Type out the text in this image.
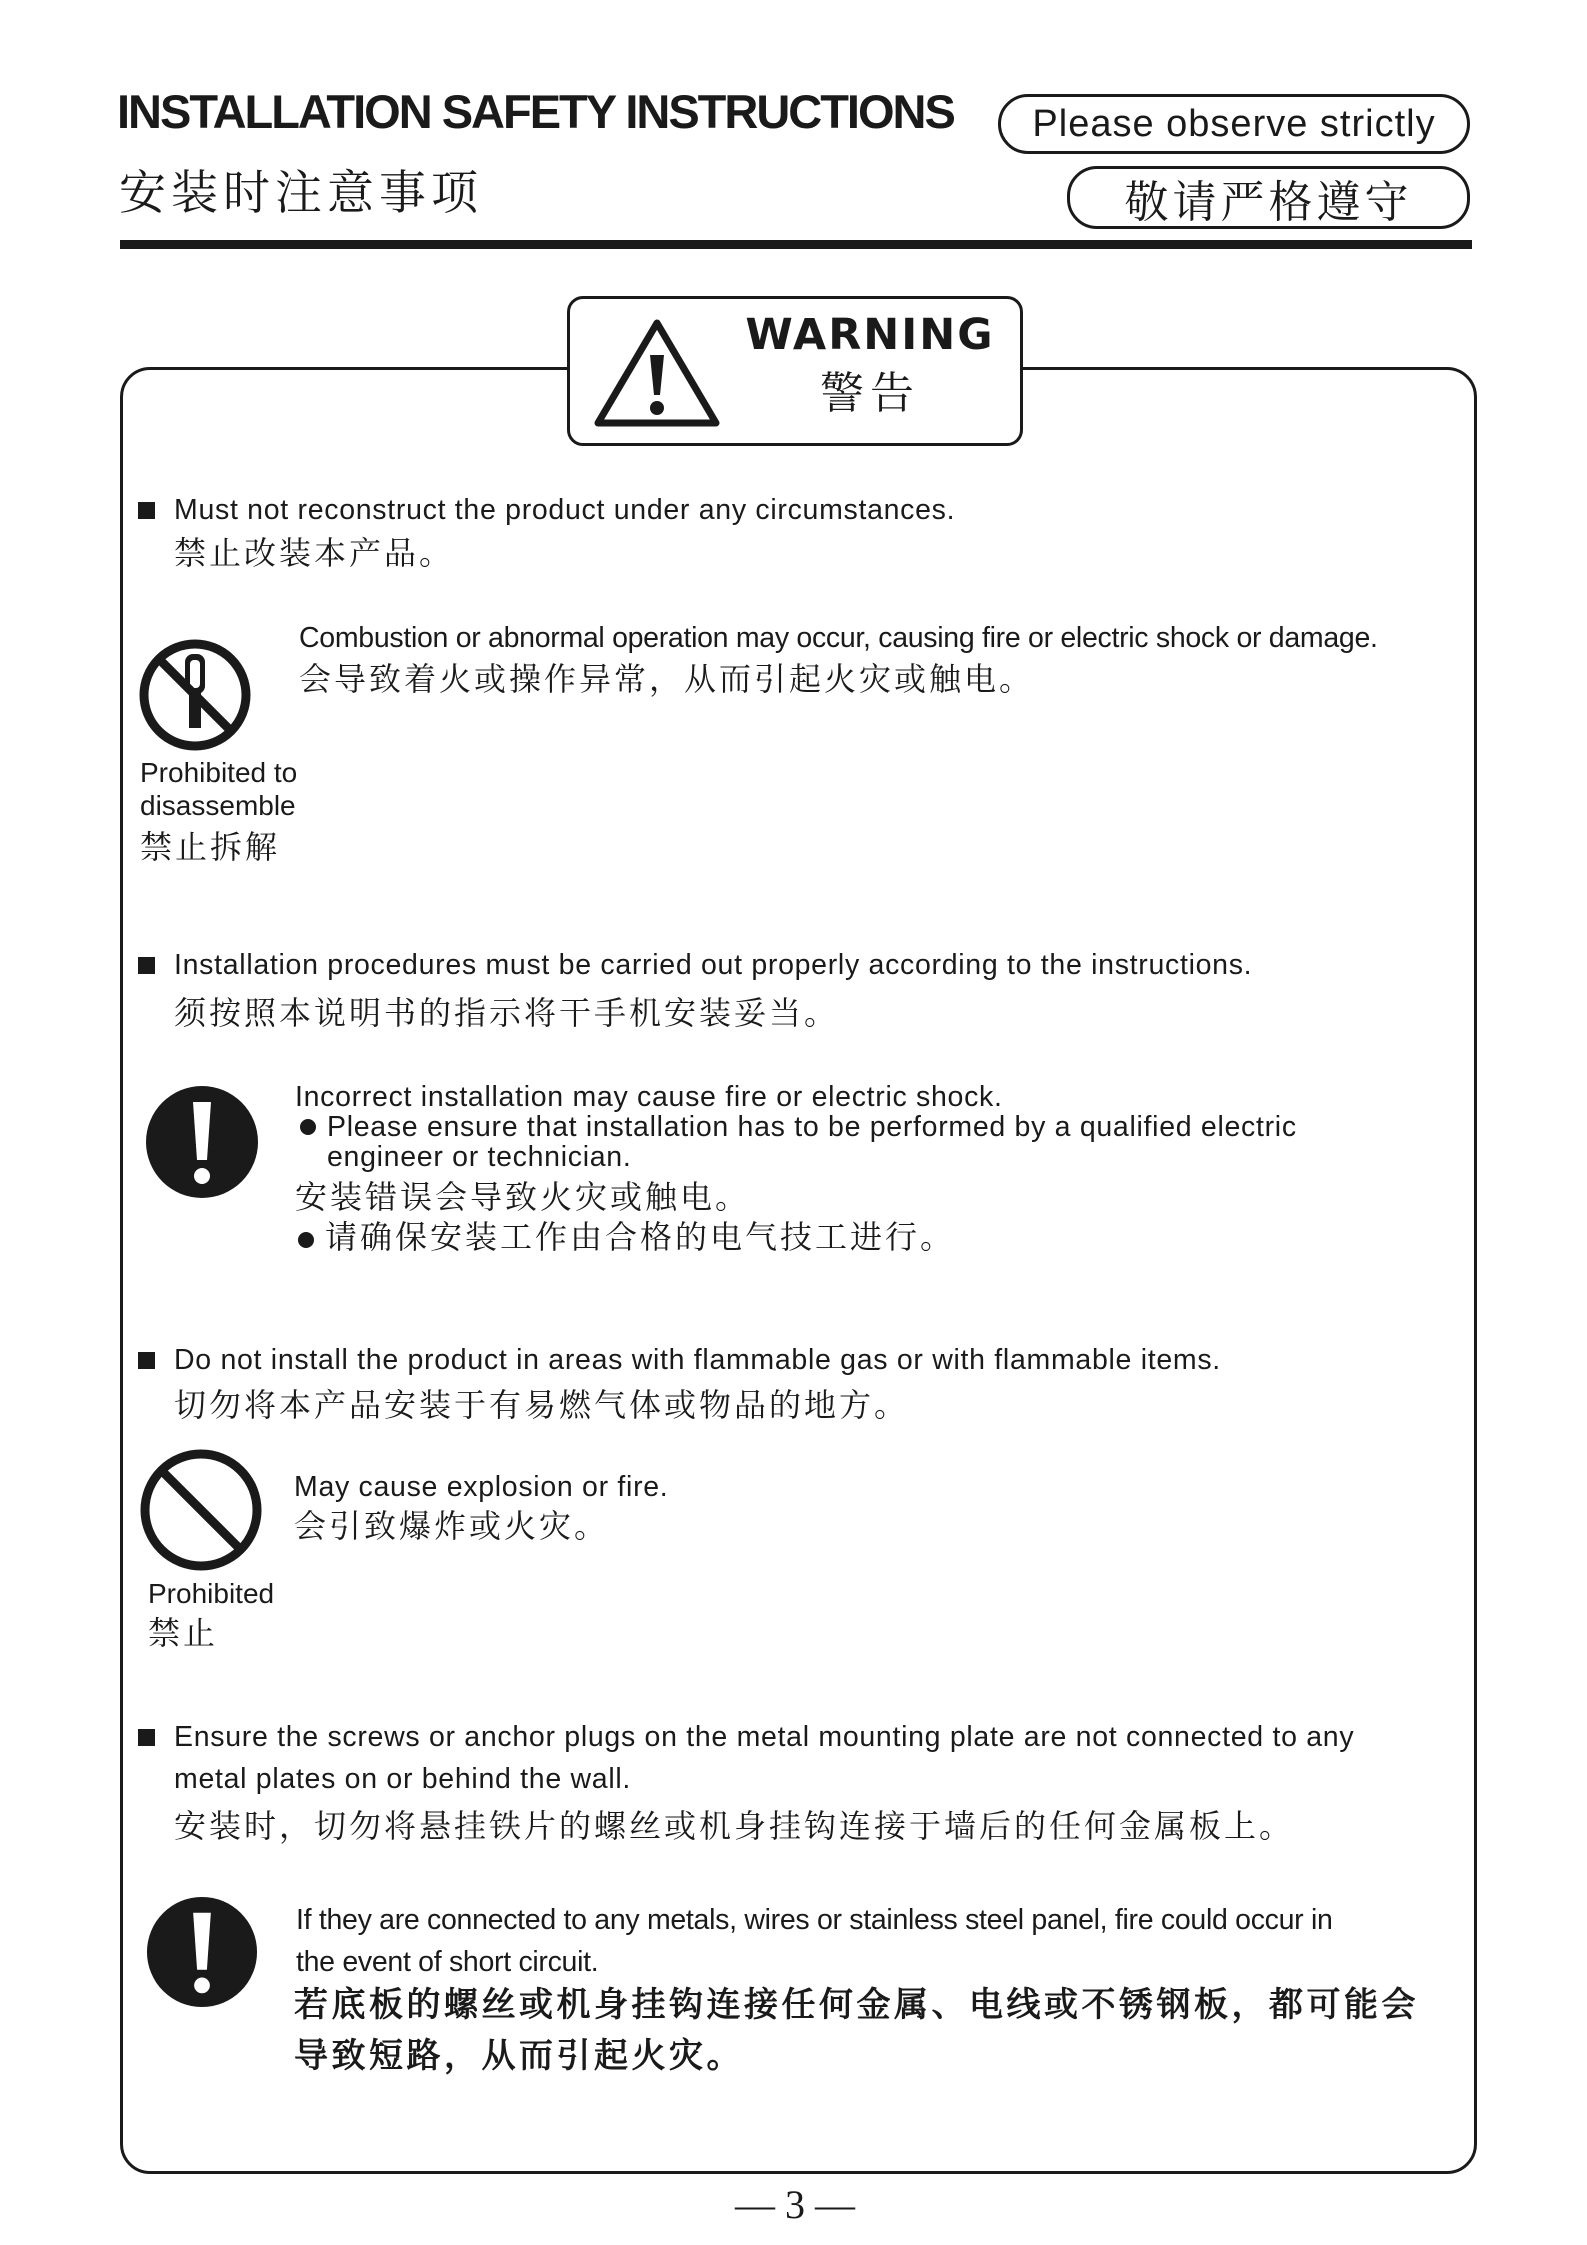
INSTALLATION SAFETY INSTRUCTIONS
安装时注意事项
Please observe strictly
敬请严格遵守
WARNING
警告
Must not reconstruct the product under any circumstances.
禁止改装本产品。
Prohibited to
disassemble
禁止拆解
Combustion or abnormal operation may occur, causing fire or electric shock or damage.
会导致着火或操作异常，从而引起火灾或触电。
Installation procedures must be carried out properly according to the instructions.
须按照本说明书的指示将干手机安装妥当。
Incorrect installation may cause fire or electric shock.
Please ensure that installation has to be performed by a qualified electric
engineer or technician.
安装错误会导致火灾或触电。
请确保安装工作由合格的电气技工进行。
Do not install the product in areas with flammable gas or with flammable items.
切勿将本产品安装于有易燃气体或物品的地方。
Prohibited
禁止
May cause explosion or fire.
会引致爆炸或火灾。
Ensure the screws or anchor plugs on the metal mounting plate are not connected to any
metal plates on or behind the wall.
安装时，切勿将悬挂铁片的螺丝或机身挂钩连接于墙后的任何金属板上。
If they are connected to any metals, wires or stainless steel panel, fire could occur in
the event of short circuit.
若底板的螺丝或机身挂钩连接任何金属、电线或不锈钢板，都可能会
导致短路，从而引起火灾。
— 3 —
